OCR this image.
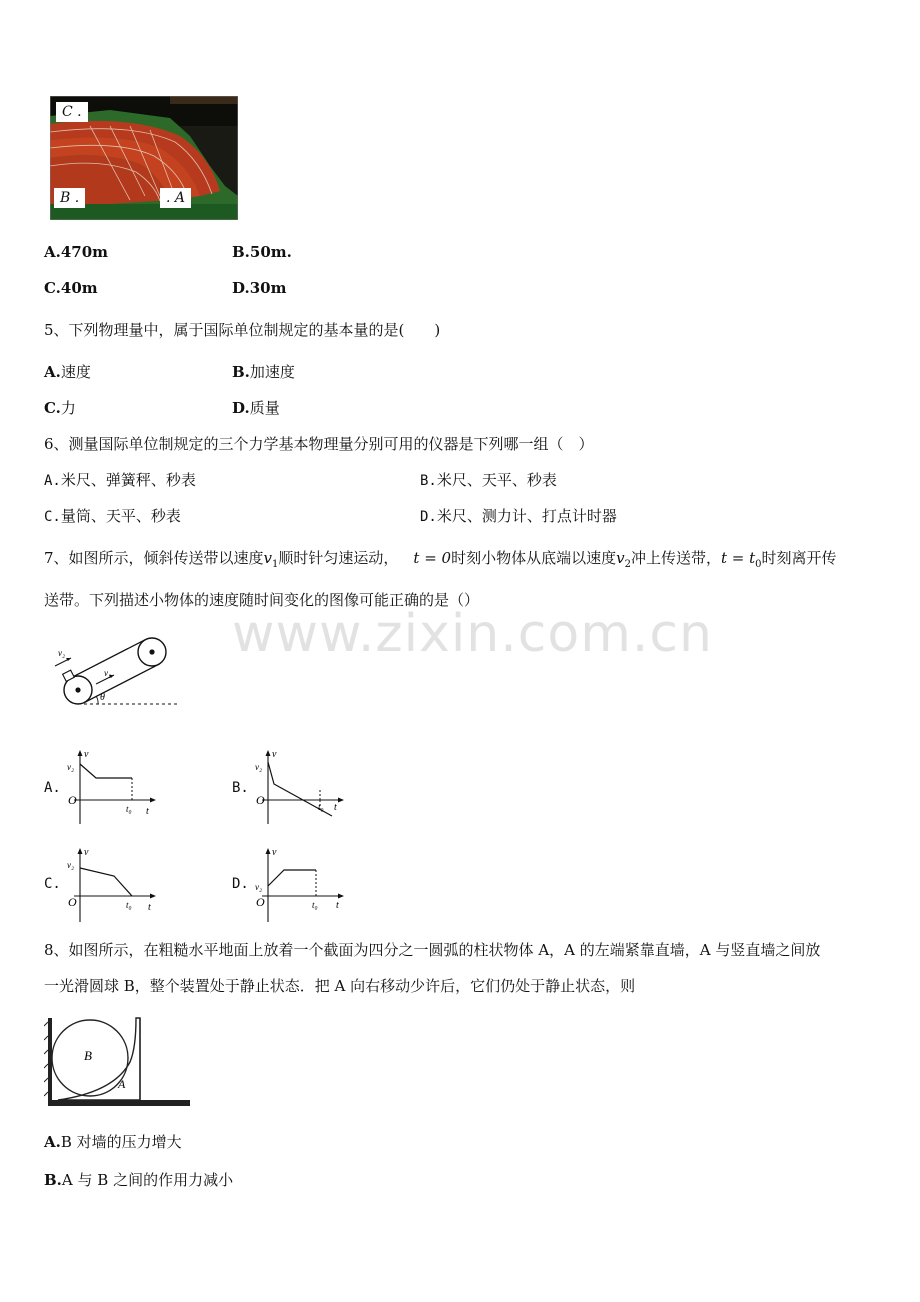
C .
B .	. A
A.470m	B.50m.
C.40m	D.30m
5、下列物理量中，属于国际单位制规定的基本量的是(　　)
A.速度	B.加速度
C.力	D.质量
6、测量国际单位制规定的三个力学基本物理量分别可用的仪器是下列哪一组（　）
A.米尺、弹簧秤、秒表	B.米尺、天平、秒表
C.量筒、天平、秒表	D.米尺、测力计、打点计时器
7、如图所示，倾斜传送带以速度$v_1$顺时针匀速运动，  t = 0时刻小物体从底端以速度$v_2$冲上传送带，$t = t_0$时刻离开传
送带。下列描述小物体的速度随时间变化的图像可能正确的是（）
v₂
v₁
θ
A.	B.
C.	D.
v
v₂
O
t₀ t
v
v₂
O	t₀ t
v
v₂
O	t₀ t
v
v₂
O	t₀ t
8、如图所示，在粗糙水平地面上放着一个截面为四分之一圆弧的柱状物体 A，A 的左端紧靠直墙，A 与竖直墙之间放
一光滑圆球 B，整个装置处于静止状态．把 A 向右移动少许后，它们仍处于静止状态，则
B
A
A.B 对墙的压力增大
B.A 与 B 之间的作用力减小
www.zixin.com.cn
